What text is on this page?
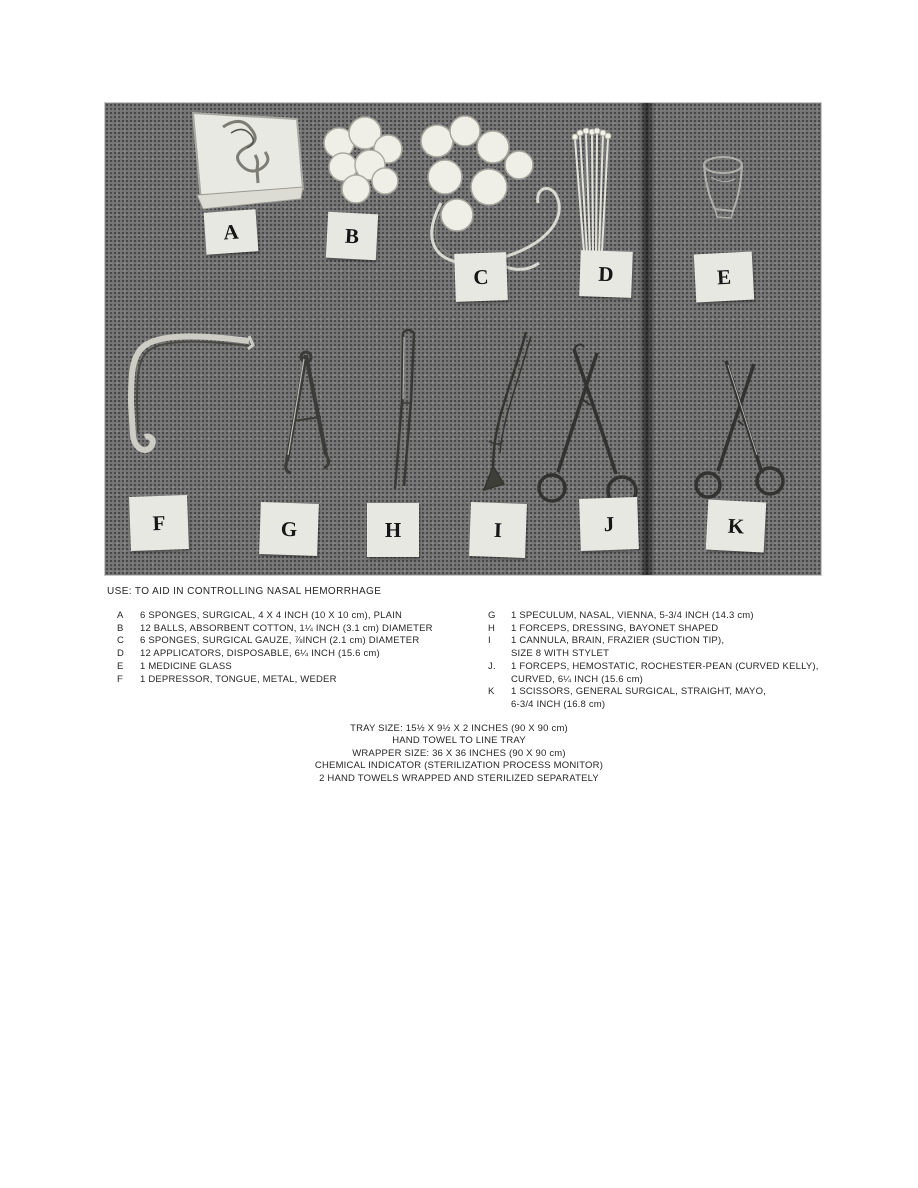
A	B
C	D	E
F	G	H	I	J	K
USE: TO AID IN CONTROLLING NASAL HEMORRHAGE
A	6 SPONGES, SURGICAL, 4 X 4 INCH (10 X 10 cm), PLAIN
B	12 BALLS, ABSORBENT COTTON, 1¼ INCH (3.1 cm) DIAMETER
C	6 SPONGES, SURGICAL GAUZE, ⅞INCH (2.1 cm) DIAMETER
D	12 APPLICATORS, DISPOSABLE, 6¼ INCH (15.6 cm)
E	1 MEDICINE GLASS
F	1 DEPRESSOR, TONGUE, METAL, WEDER
G	1 SPECULUM, NASAL, VIENNA, 5-3/4 INCH (14.3 cm)
H	1 FORCEPS, DRESSING, BAYONET SHAPED
I	1 CANNULA, BRAIN, FRAZIER (SUCTION TIP),
SIZE 8 WITH STYLET
J.	1 FORCEPS, HEMOSTATIC, ROCHESTER-PEAN (CURVED KELLY),
CURVED, 6¼ INCH (15.6 cm)
K	1 SCISSORS, GENERAL SURGICAL, STRAIGHT, MAYO,
6-3/4 INCH (16.8 cm)
TRAY SIZE: 15½ X 9½ X 2 INCHES (90 X 90 cm)
HAND TOWEL TO LINE TRAY
WRAPPER SIZE: 36 X 36 INCHES (90 X 90 cm)
CHEMICAL INDICATOR (STERILIZATION PROCESS MONITOR)
2 HAND TOWELS WRAPPED AND STERILIZED SEPARATELY
